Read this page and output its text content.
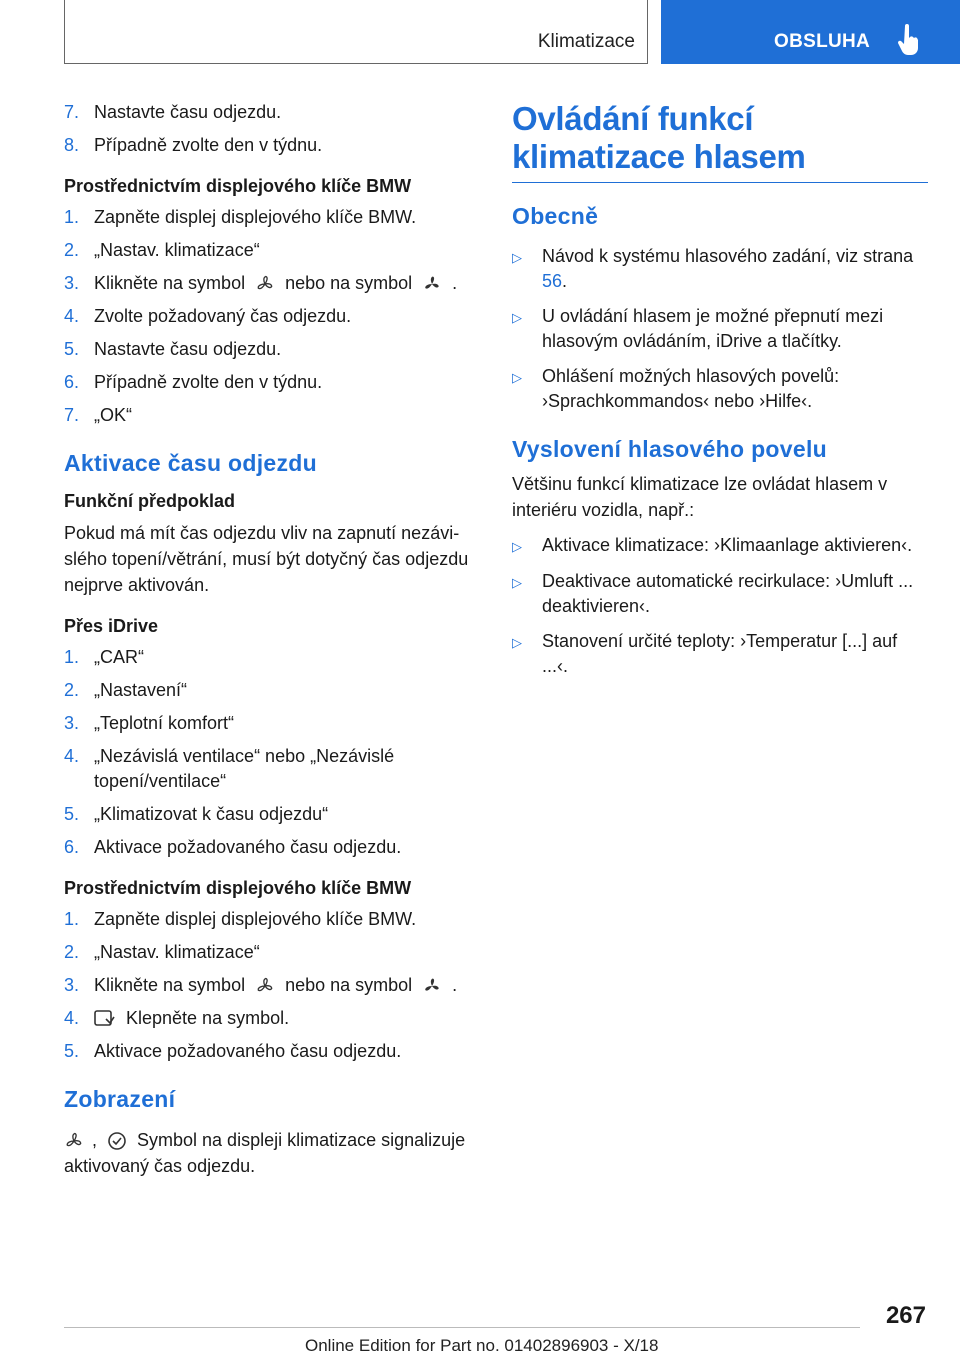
Klimatizace	OBSLUHA
7. Nastavte času odjezdu.
8. Případně zvolte den v týdnu.
Prostřednictvím displejového klíče BMW
1. Zapněte displej displejového klíče BMW.
2. „Nastav. klimatizace“
3. Klikněte na symbol nebo na symbol .
4. Zvolte požadovaný čas odjezdu.
5. Nastavte času odjezdu.
6. Případně zvolte den v týdnu.
7. „OK“
Aktivace času odjezdu
Funkční předpoklad
Pokud má mít čas odjezdu vliv na zapnutí nezávislého topení/větrání, musí být dotyčný čas odjezdu nejprve aktivován.
Přes iDrive
1. „CAR“
2. „Nastavení“
3. „Teplotní komfort“
4. „Nezávislá ventilace“ nebo „Nezávislé topení/ventilace“
5. „Klimatizovat k času odjezdu“
6. Aktivace požadovaného času odjezdu.
Prostřednictvím displejového klíče BMW
1. Zapněte displej displejového klíče BMW.
2. „Nastav. klimatizace“
3. Klikněte na symbol nebo na symbol .
4.	Klepněte na symbol.
5. Aktivace požadovaného času odjezdu.
Zobrazení
, Symbol na displeji klimatizace signalizuje aktivovaný čas odjezdu.
Ovládání funkcí klimatizace hlasem
Obecně
▷	Návod k systému hlasového zadání, viz strana 56.
▷	U ovládání hlasem je možné přepnutí mezi hlasovým ovládáním, iDrive a tlačítky.
▷	Ohlášení možných hlasových povelů: ›Sprachkommandos‹ nebo ›Hilfe‹.
Vyslovení hlasového povelu
Většinu funkcí klimatizace lze ovládat hlasem v interiéru vozidla, např.:
▷	Aktivace klimatizace: ›Klimaanlage aktivieren‹.
▷	Deaktivace automatické recirkulace: ›Umluft ... deaktivieren‹.
▷	Stanovení určité teploty: ›Temperatur [...] auf ...‹.
267
Online Edition for Part no. 01402896903 - X/18
